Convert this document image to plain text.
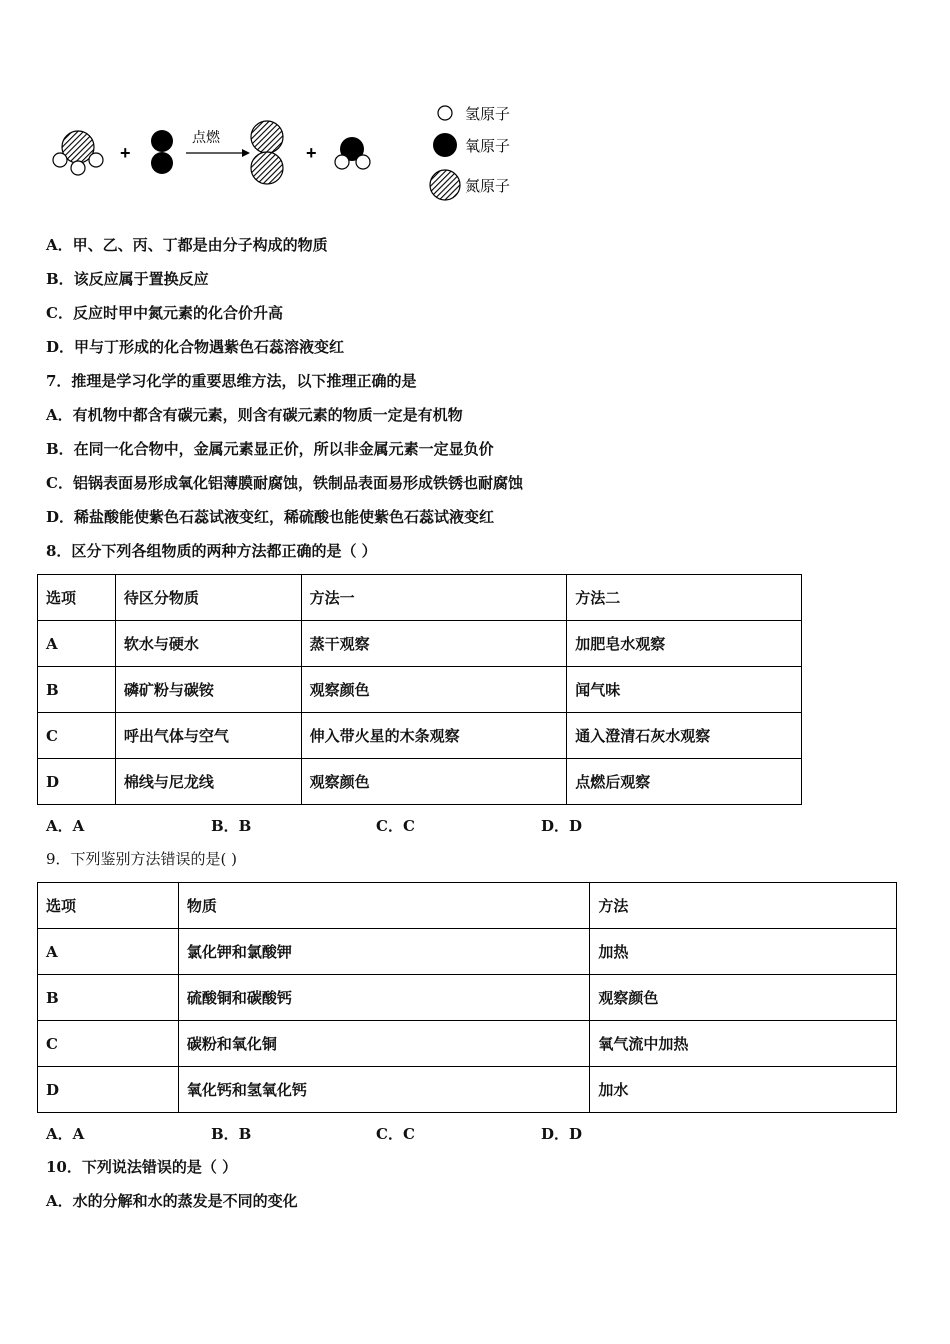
+
点燃
+
氢原子
氧原子
氮原子
A．甲、乙、丙、丁都是由分子构成的物质
B．该反应属于置换反应
C．反应时甲中氮元素的化合价升高
D．甲与丁形成的化合物遇紫色石蕊溶液变红
7．推理是学习化学的重要思维方法，以下推理正确的是
A．有机物中都含有碳元素，则含有碳元素的物质一定是有机物
B．在同一化合物中，金属元素显正价，所以非金属元素一定显负价
C．铝锅表面易形成氧化铝薄膜耐腐蚀，铁制品表面易形成铁锈也耐腐蚀
D．稀盐酸能使紫色石蕊试液变红，稀硫酸也能使紫色石蕊试液变红
8．区分下列各组物质的两种方法都正确的是（ ）
选项	待区分物质	方法一	方法二
A	软水与硬水	蒸干观察	加肥皂水观察
B	磷矿粉与碳铵	观察颜色	闻气味
C	呼出气体与空气	伸入带火星的木条观察	通入澄清石灰水观察
D	棉线与尼龙线	观察颜色	点燃后观察
A．A	B．B	C．C	D．D
9．下列鉴别方法错误的是( )
选项	物质	方法
A	氯化钾和氯酸钾	加热
B	硫酸铜和碳酸钙	观察颜色
C	碳粉和氧化铜	氧气流中加热
D	氧化钙和氢氧化钙	加水
A．A	B．B	C．C	D．D
10．下列说法错误的是（ ）
A．水的分解和水的蒸发是不同的变化
